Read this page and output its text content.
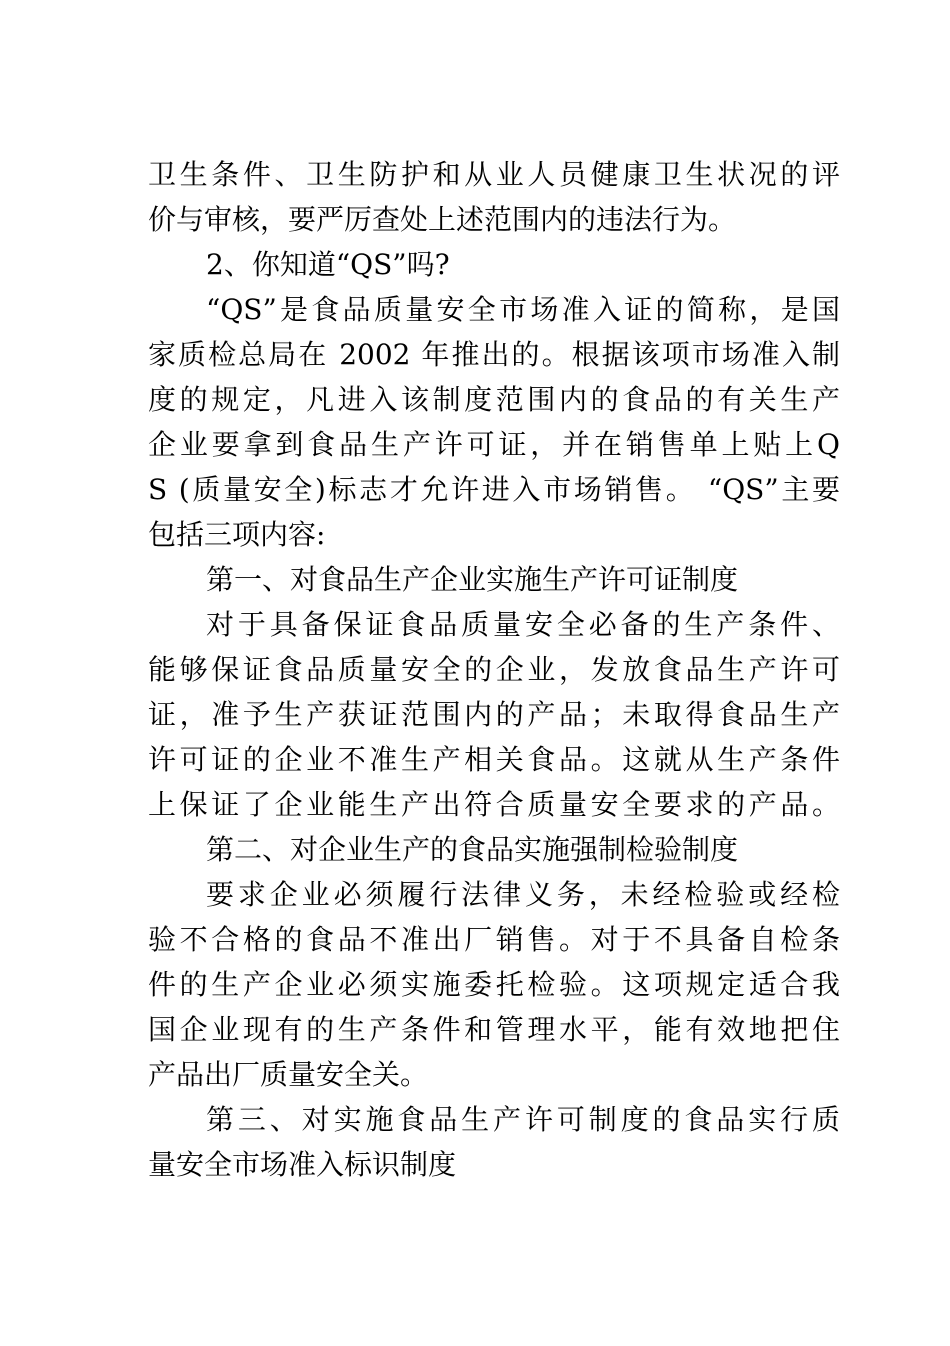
卫生条件、卫生防护和从业人员健康卫生状况的评
价与审核，要严厉查处上述范围内的违法行为。
2、你知道“QS”吗?
“QS”是食品质量安全市场准入证的简称，是国
家质检总局在 2002 年推出的。根据该项市场准入制
度的规定，凡进入该制度范围内的食品的有关生产
企业要拿到食品生产许可证，并在销售单上贴上Q
S (质量安全)标志才允许进入市场销售。 “QS”主要
包括三项内容:
第一、对食品生产企业实施生产许可证制度
对于具备保证食品质量安全必备的生产条件、
能够保证食品质量安全的企业，发放食品生产许可
证，准予生产获证范围内的产品；未取得食品生产
许可证的企业不准生产相关食品。这就从生产条件
上保证了企业能生产出符合质量安全要求的产品。
第二、对企业生产的食品实施强制检验制度
要求企业必须履行法律义务，未经检验或经检
验不合格的食品不准出厂销售。对于不具备自检条
件的生产企业必须实施委托检验。这项规定适合我
国企业现有的生产条件和管理水平，能有效地把住
产品出厂质量安全关。
第三、对实施食品生产许可制度的食品实行质
量安全市场准入标识制度
